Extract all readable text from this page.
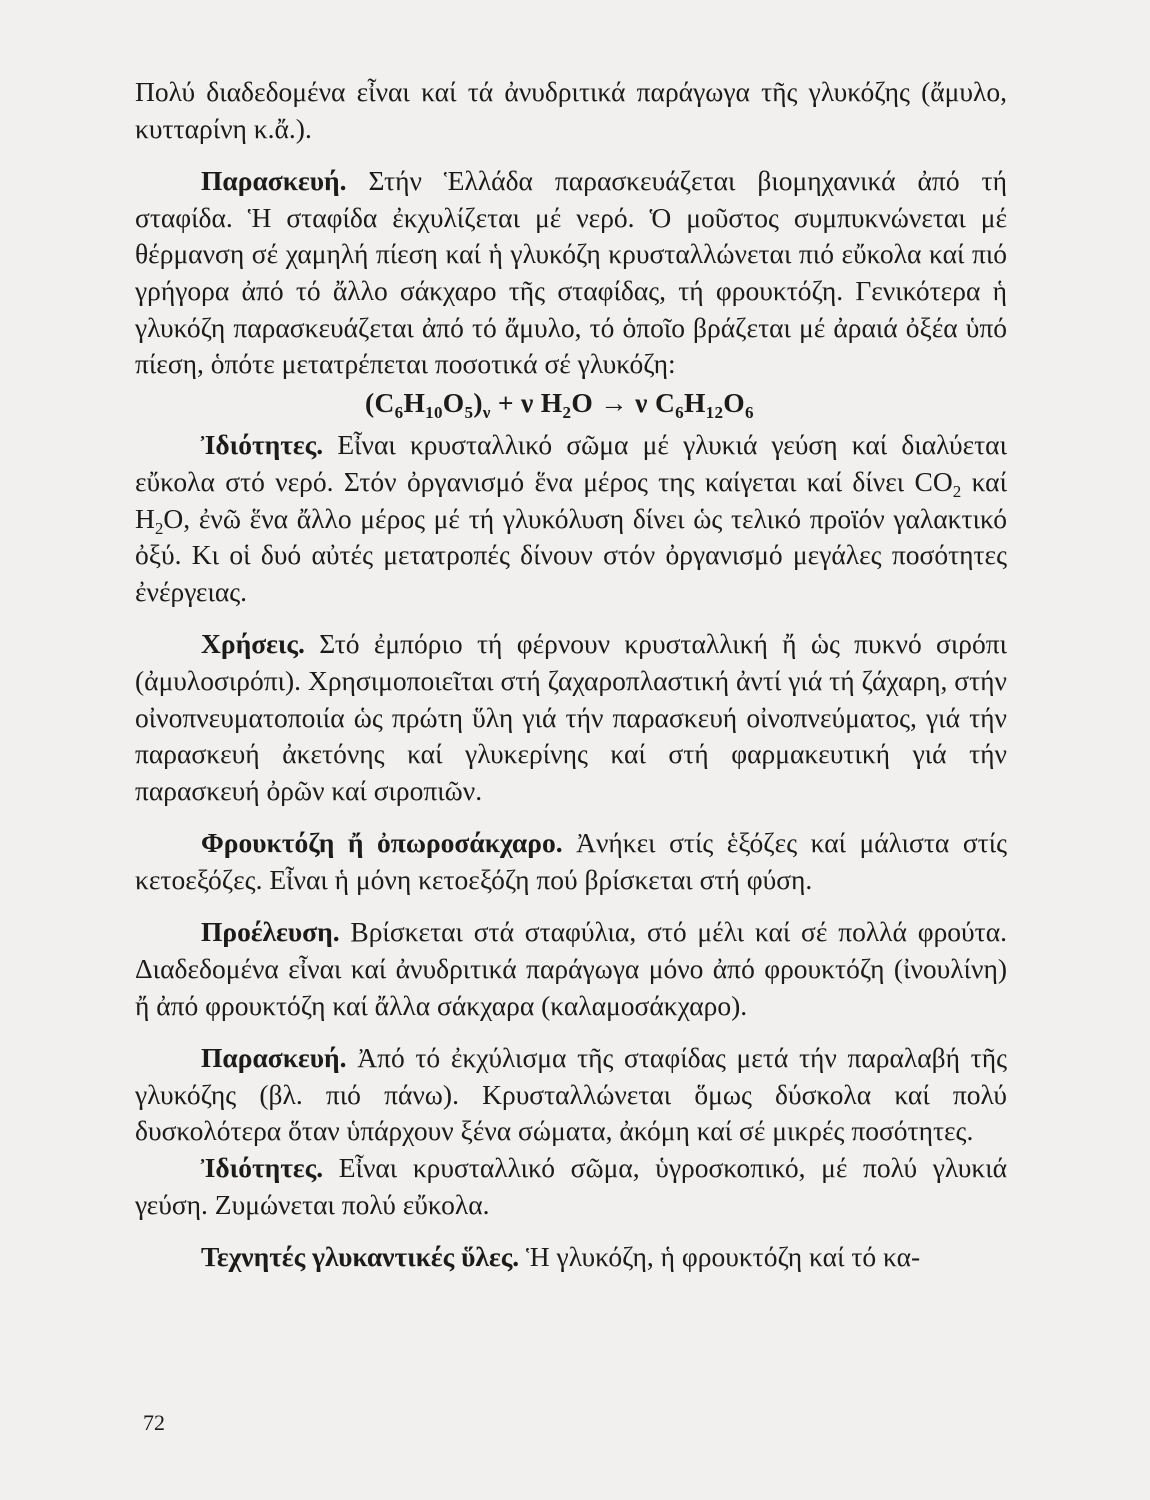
Πολύ διαδεδομένα εἶναι καί τά ἀνυδριτικά παράγωγα τῆς γλυκόζης (ἄμυλο, κυτταρίνη κ.ἄ.).

Παρασκευή. Στήν Ἑλλάδα παρασκευάζεται βιομηχανικά ἀπό τή σταφίδα. Ἡ σταφίδα ἐκχυλίζεται μέ νερό. Ὁ μοῦστος συμπυκνώνεται μέ θέρμανση σέ χαμηλή πίεση καί ἡ γλυκόζη κρυσταλλώνεται πιό εὔκολα καί πιό γρήγορα ἀπό τό ἄλλο σάκχαρο τῆς σταφίδας, τή φρουκτόζη. Γενικότερα ἡ γλυκόζη παρασκευάζεται ἀπό τό ἄμυλο, τό ὁποῖο βράζεται μέ ἀραιά ὀξέα ὑπό πίεση, ὁπότε μετατρέπεται ποσοτικά σέ γλυκόζη:

$(C_6H_{10}O_5)_\nu + \nu$ $H_2O \to \nu$ $C_6H_{12}O_6$

Ἰδιότητες. Εἶναι κρυσταλλικό σῶμα μέ γλυκιά γεύση καί διαλύεται εὔκολα στό νερό. Στόν ὀργανισμό ἕνα μέρος της καίγεται καί δίνει $CO_2$ καί $H_2O$, ἐνῶ ἕνα ἄλλο μέρος μέ τή γλυκόλυση δίνει ὡς τελικό προϊόν γαλακτικό ὀξύ. Κι οἱ δυό αὐτές μετατροπές δίνουν στόν ὀργανισμό μεγάλες ποσότητες ἐνέργειας.

Χρήσεις. Στό ἐμπόριο τή φέρνουν κρυσταλλική ἤ ὡς πυκνό σιρόπι (ἀμυλοσιρόπι). Χρησιμοποιεῖται στή ζαχαροπλαστική ἀντί γιά τή ζάχαρη, στήν οἰνοπνευματοποιία ὡς πρώτη ὕλη γιά τήν παρασκευή οἰνοπνεύματος, γιά τήν παρασκευή ἀκετόνης καί γλυκερίνης καί στή φαρμακευτική γιά τήν παρασκευή ὀρῶν καί σιροπιῶν.

Φρουκτόζη ἤ ὀπωροσάκχαρο. Ἀνήκει στίς ἑξόζες καί μάλιστα στίς κετοεξόζες. Εἶναι ἡ μόνη κετοεξόζη πού βρίσκεται στή φύση.

Προέλευση. Βρίσκεται στά σταφύλια, στό μέλι καί σέ πολλά φρούτα. Διαδεδομένα εἶναι καί ἀνυδριτικά παράγωγα μόνο ἀπό φρουκτόζη (ἰνουλίνη) ἤ ἀπό φρουκτόζη καί ἄλλα σάκχαρα (καλαμοσάκχαρο).

Παρασκευή. Ἀπό τό ἐκχύλισμα τῆς σταφίδας μετά τήν παραλαβή τῆς γλυκόζης (βλ. πιό πάνω). Κρυσταλλώνεται ὅμως δύσκολα καί πολύ δυσκολότερα ὅταν ὑπάρχουν ξένα σώματα, ἀκόμη καί σέ μικρές ποσότητες.

Ἰδιότητες. Εἶναι κρυσταλλικό σῶμα, ὑγροσκοπικό, μέ πολύ γλυκιά γεύση. Ζυμώνεται πολύ εὔκολα.

Τεχνητές γλυκαντικές ὕλες. Ἡ γλυκόζη, ἡ φρουκτόζη καί τό κα-

72
